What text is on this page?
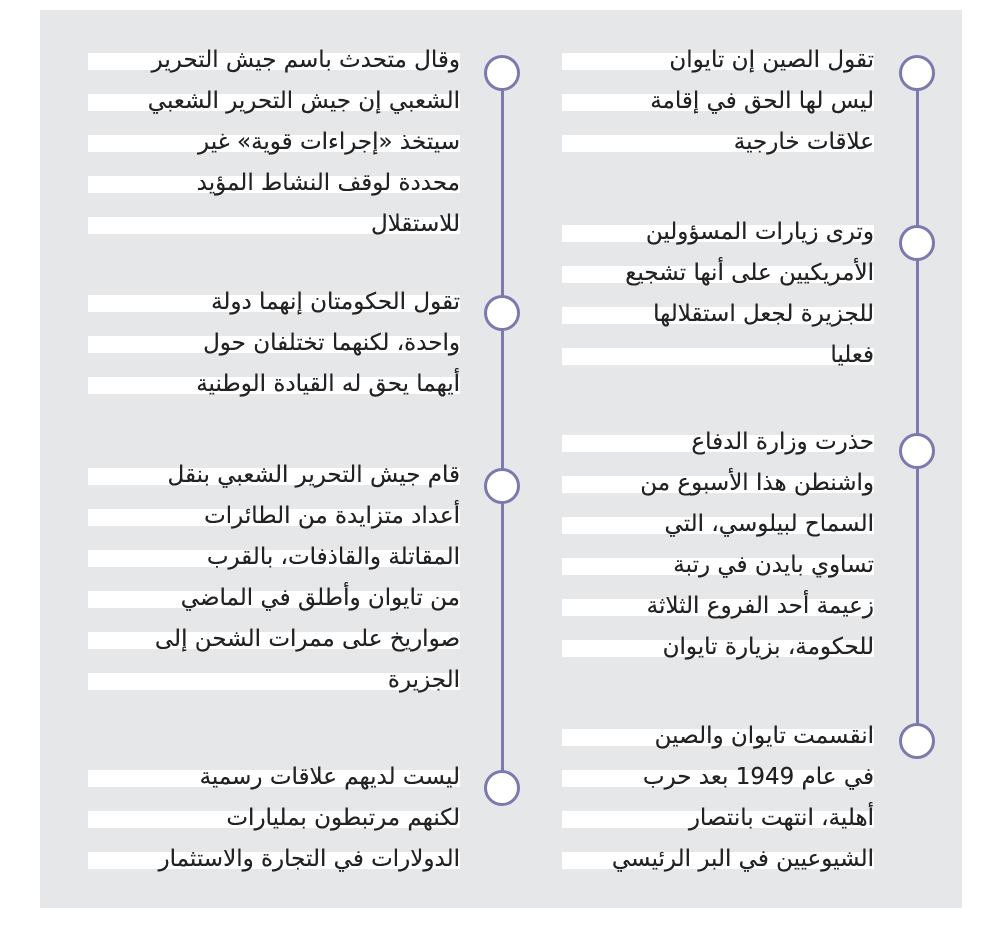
تقول الصين إن تايوان
ليس لها الحق في إقامة
علاقات خارجية
وترى زيارات المسؤولين
الأمريكيين على أنها تشجيع
للجزيرة لجعل استقلالها
فعليا
حذرت وزارة الدفاع
واشنطن هذا الأسبوع من
السماح لبيلوسي، التي
تساوي بايدن في رتبة
زعيمة أحد الفروع الثلاثة
للحكومة، بزيارة تايوان
انقسمت تايوان والصين
في عام 1949 بعد حرب
أهلية، انتهت بانتصار
الشيوعيين في البر الرئيسي
وقال متحدث باسم جيش التحرير
الشعبي إن جيش التحرير الشعبي
سيتخذ «إجراءات قوية» غير
محددة لوقف النشاط المؤيد
للاستقلال
تقول الحكومتان إنهما دولة
واحدة، لكنهما تختلفان حول
أيهما يحق له القيادة الوطنية
قام جيش التحرير الشعبي بنقل
أعداد متزايدة من الطائرات
المقاتلة والقاذفات، بالقرب
من تايوان وأطلق في الماضي
صواريخ على ممرات الشحن إلى
الجزيرة
ليست لديهم علاقات رسمية
لكنهم مرتبطون بمليارات
الدولارات في التجارة والاستثمار
